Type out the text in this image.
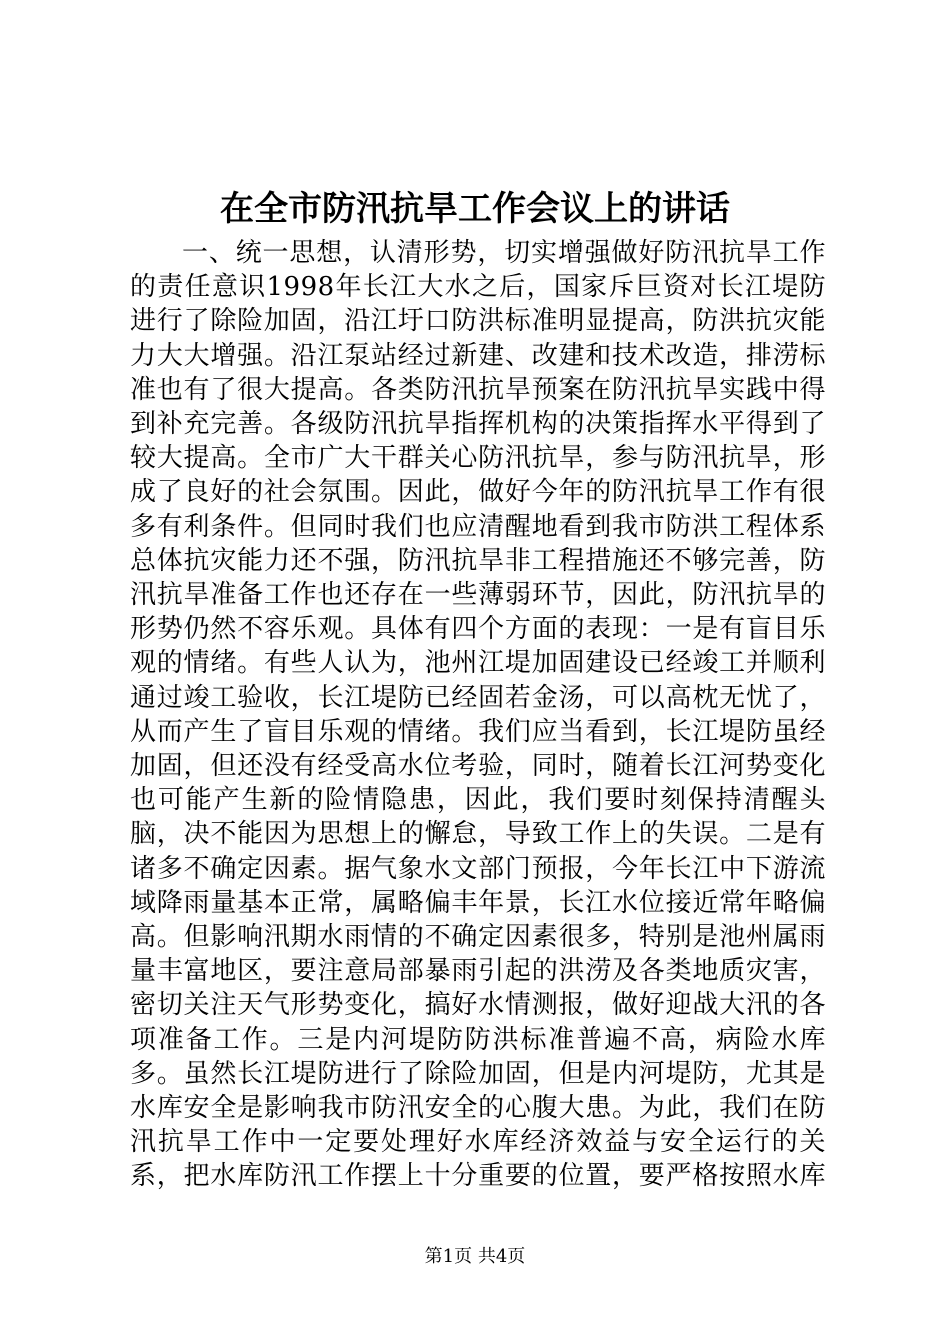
在全市防汛抗旱工作会议上的讲话

一、统一思想，认清形势，切实增强做好防汛抗旱工作的责任意识1998年长江大水之后，国家斥巨资对长江堤防进行了除险加固，沿江圩口防洪标准明显提高，防洪抗灾能力大大增强。沿江泵站经过新建、改建和技术改造，排涝标准也有了很大提高。各类防汛抗旱预案在防汛抗旱实践中得到补充完善。各级防汛抗旱指挥机构的决策指挥水平得到了较大提高。全市广大干群关心防汛抗旱，参与防汛抗旱，形成了良好的社会氛围。因此，做好今年的防汛抗旱工作有很多有利条件。但同时我们也应清醒地看到我市防洪工程体系总体抗灾能力还不强，防汛抗旱非工程措施还不够完善，防汛抗旱准备工作也还存在一些薄弱环节，因此，防汛抗旱的形势仍然不容乐观。具体有四个方面的表现：一是有盲目乐观的情绪。有些人认为，池州江堤加固建设已经竣工并顺利通过竣工验收，长江堤防已经固若金汤，可以高枕无忧了，从而产生了盲目乐观的情绪。我们应当看到，长江堤防虽经加固，但还没有经受高水位考验，同时，随着长江河势变化也可能产生新的险情隐患，因此，我们要时刻保持清醒头脑，决不能因为思想上的懈怠，导致工作上的失误。二是有诸多不确定因素。据气象水文部门预报，今年长江中下游流域降雨量基本正常，属略偏丰年景，长江水位接近常年略偏高。但影响汛期水雨情的不确定因素很多，特别是池州属雨量丰富地区，要注意局部暴雨引起的洪涝及各类地质灾害，密切关注天气形势变化，搞好水情测报，做好迎战大汛的各项准备工作。三是内河堤防防洪标准普遍不高，病险水库多。虽然长江堤防进行了除险加固，但是内河堤防，尤其是水库安全是影响我市防汛安全的心腹大患。为此，我们在防汛抗旱工作中一定要处理好水库经济效益与安全运行的关系，把水库防汛工作摆上十分重要的位置，要严格按照水库

第1页 共4页
